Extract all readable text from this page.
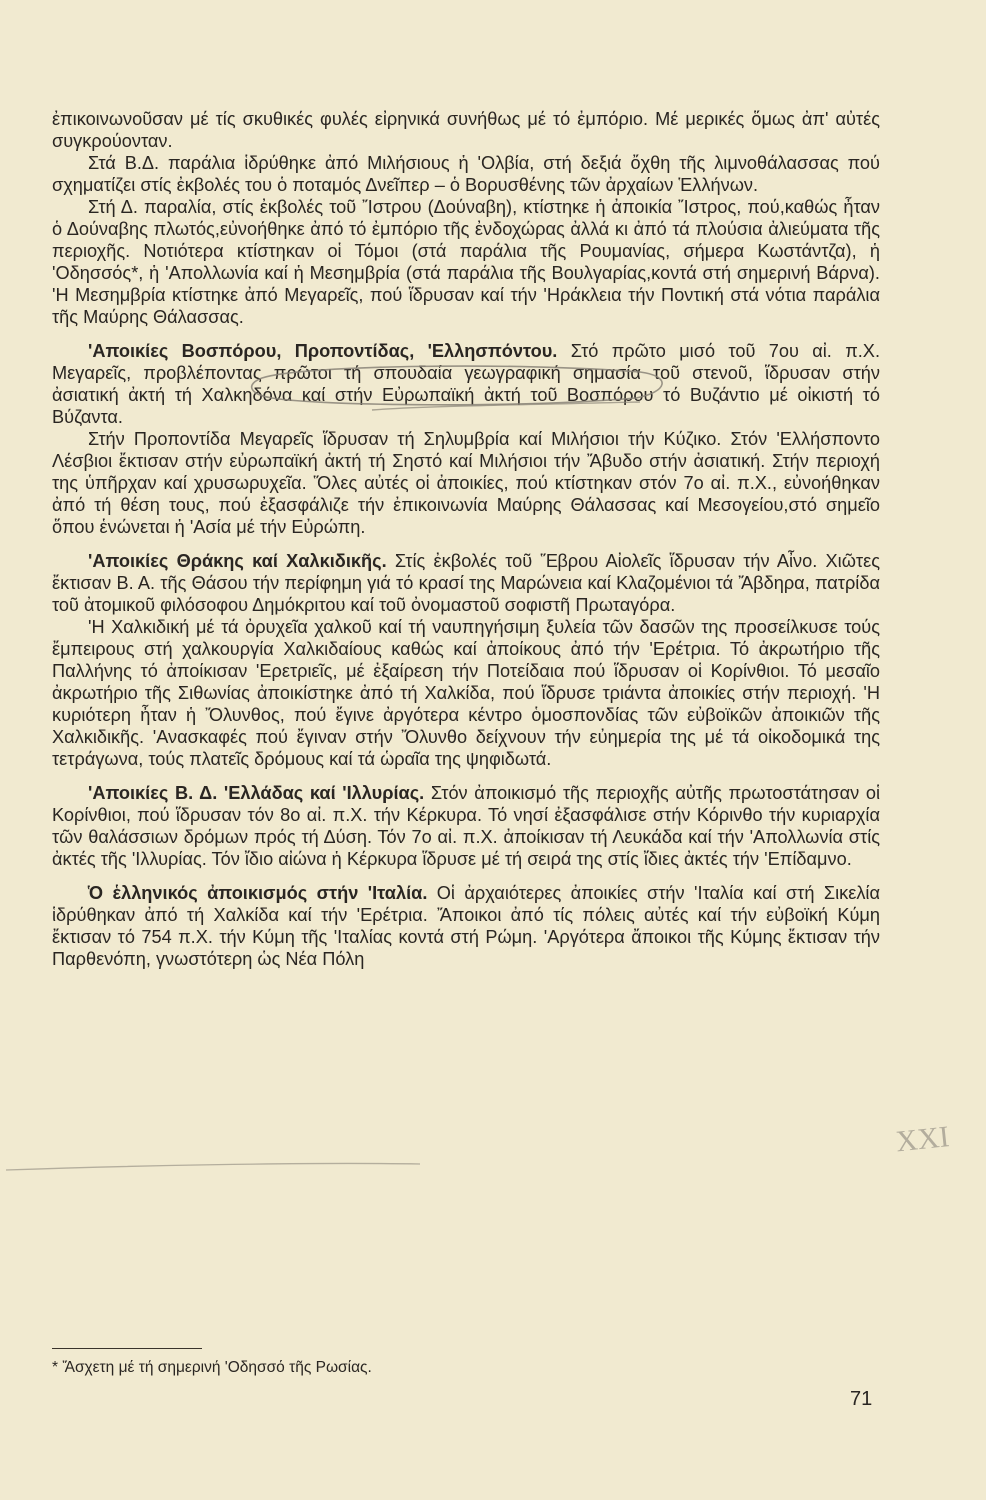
ἐπικοινωνοῦσαν μέ τίς σκυθικές φυλές εἰρηνικά συνήθως μέ τό ἐμπόριο. Μέ μερικές ὅμως ἀπ' αὐτές συγκρούονταν.

Στά Β.Δ. παράλια ἱδρύθηκε ἀπό Μιλήσιους ἡ 'Ολβία, στή δεξιά ὄχθη τῆς λιμνοθάλασσας πού σχηματίζει στίς ἐκβολές του ὁ ποταμός Δνεῖπερ – ὁ Βορυσθένης τῶν ἀρχαίων Ἑλλήνων.

Στή Δ. παραλία, στίς ἐκβολές τοῦ Ἴστρου (Δούναβη), κτίστηκε ἡ ἀποικία Ἴστρος, πού,καθώς ἦταν ὁ Δούναβης πλωτός,εὐνοήθηκε ἀπό τό ἐμπόριο τῆς ἐνδοχώρας ἀλλά κι ἀπό τά πλούσια ἀλιεύματα τῆς περιοχῆς. Νοτιότερα κτίστηκαν οἱ Τόμοι (στά παράλια τῆς Ρουμανίας, σήμερα Κωστάντζα), ἡ 'Οδησσός*, ἡ 'Απολλωνία καί ἡ Μεσημβρία (στά παράλια τῆς Βουλγαρίας,κοντά στή σημερινή Βάρνα). 'Η Μεσημβρία κτίστηκε ἀπό Μεγαρεῖς, πού ἵδρυσαν καί τήν 'Ηράκλεια τήν Ποντική στά νότια παράλια τῆς Μαύρης Θάλασσας.

'Αποικίες Βοσπόρου, Προποντίδας, 'Ελλησπόντου. Στό πρῶτο μισό τοῦ 7ου αἰ. π.Χ. Μεγαρεῖς, προβλέποντας πρῶτοι τή σπουδαία γεωγραφική σημασία τοῦ στενοῦ, ἵδρυσαν στήν ἀσιατική ἀκτή τή Χαλκηδόνα καί στήν Εὐρωπαϊκή ἀκτή τοῦ Βοσπόρου τό Βυζάντιο μέ οἰκιστή τό Βύζαντα.

Στήν Προποντίδα Μεγαρεῖς ἵδρυσαν τή Σηλυμβρία καί Μιλήσιοι τήν Κύζικο. Στόν 'Ελλήσποντο Λέσβιοι ἔκτισαν στήν εὐρωπαϊκή ἀκτή τή Σηστό καί Μιλήσιοι τήν Ἄβυδο στήν ἀσιατική. Στήν περιοχή της ὑπῆρχαν καί χρυσωρυχεῖα. Ὅλες αὐτές οἱ ἀποικίες, πού κτίστηκαν στόν 7ο αἰ. π.Χ., εὐνοήθηκαν ἀπό τή θέση τους, πού ἐξασφάλιζε τήν ἐπικοινωνία Μαύρης Θάλασσας καί Μεσογείου,στό σημεῖο ὅπου ἑνώνεται ἡ 'Ασία μέ τήν Εὐρώπη.

'Αποικίες Θράκης καί Χαλκιδικῆς. Στίς ἐκβολές τοῦ Ἕβρου Αἰολεῖς ἵδρυσαν τήν Αἶνο. Χιῶτες ἔκτισαν Β. Α. τῆς Θάσου τήν περίφημη γιά τό κρασί της Μαρώνεια καί Κλαζομένιοι τά Ἄβδηρα, πατρίδα τοῦ ἀτομικοῦ φιλόσοφου Δημόκριτου καί τοῦ ὀνομαστοῦ σοφιστῆ Πρωταγόρα.

'Η Χαλκιδική μέ τά ὀρυχεῖα χαλκοῦ καί τή ναυπηγήσιμη ξυλεία τῶν δασῶν της προσείλκυσε τούς ἔμπειρους στή χαλκουργία Χαλκιδαίους καθώς καί ἀποίκους ἀπό τήν 'Ερέτρια. Τό ἀκρωτήριο τῆς Παλλήνης τό ἀποίκισαν 'Ερετριεῖς, μέ ἐξαίρεση τήν Ποτείδαια πού ἵδρυσαν οἱ Κορίνθιοι. Τό μεσαῖο ἀκρωτήριο τῆς Σιθωνίας ἀποικίστηκε ἀπό τή Χαλκίδα, πού ἵδρυσε τριάντα ἀποικίες στήν περιοχή. 'Η κυριότερη ἦταν ἡ Ὄλυνθος, πού ἔγινε ἀργότερα κέντρο ὁμοσπονδίας τῶν εὐβοϊκῶν ἀποικιῶν τῆς Χαλκιδικῆς. 'Ανασκαφές πού ἔγιναν στήν Ὄλυνθο δείχνουν τήν εὐημερία της μέ τά οἰκοδομικά της τετράγωνα, τούς πλατεῖς δρόμους καί τά ὡραῖα της ψηφιδωτά.

'Αποικίες Β. Δ. 'Ελλάδας καί 'Ιλλυρίας. Στόν ἀποικισμό τῆς περιοχῆς αὐτῆς πρωτοστάτησαν οἱ Κορίνθιοι, πού ἵδρυσαν τόν 8ο αἰ. π.Χ. τήν Κέρκυρα. Τό νησί ἐξασφάλισε στήν Κόρινθο τήν κυριαρχία τῶν θαλάσσιων δρόμων πρός τή Δύση. Τόν 7ο αἰ. π.Χ. ἀποίκισαν τή Λευκάδα καί τήν 'Απολλωνία στίς ἀκτές τῆς 'Ιλλυρίας. Τόν ἴδιο αἰώνα ἡ Κέρκυρα ἵδρυσε μέ τή σειρά της στίς ἴδιες ἀκτές τήν 'Επίδαμνο.

Ὁ ἑλληνικός ἀποικισμός στήν 'Ιταλία. Οἱ ἀρχαιότερες ἀποικίες στήν 'Ιταλία καί στή Σικελία ἱδρύθηκαν ἀπό τή Χαλκίδα καί τήν 'Ερέτρια. Ἄποικοι ἀπό τίς πόλεις αὐτές καί τήν εὐβοϊκή Κύμη ἔκτισαν τό 754 π.Χ. τήν Κύμη τῆς 'Ιταλίας κοντά στή Ρώμη. 'Αργότερα ἄποικοι τῆς Κύμης ἔκτισαν τήν Παρθενόπη, γνωστότερη ὡς Νέα Πόλη

XXI
* Ἄσχετη μέ τή σημερινή 'Οδησσό τῆς Ρωσίας.
71
